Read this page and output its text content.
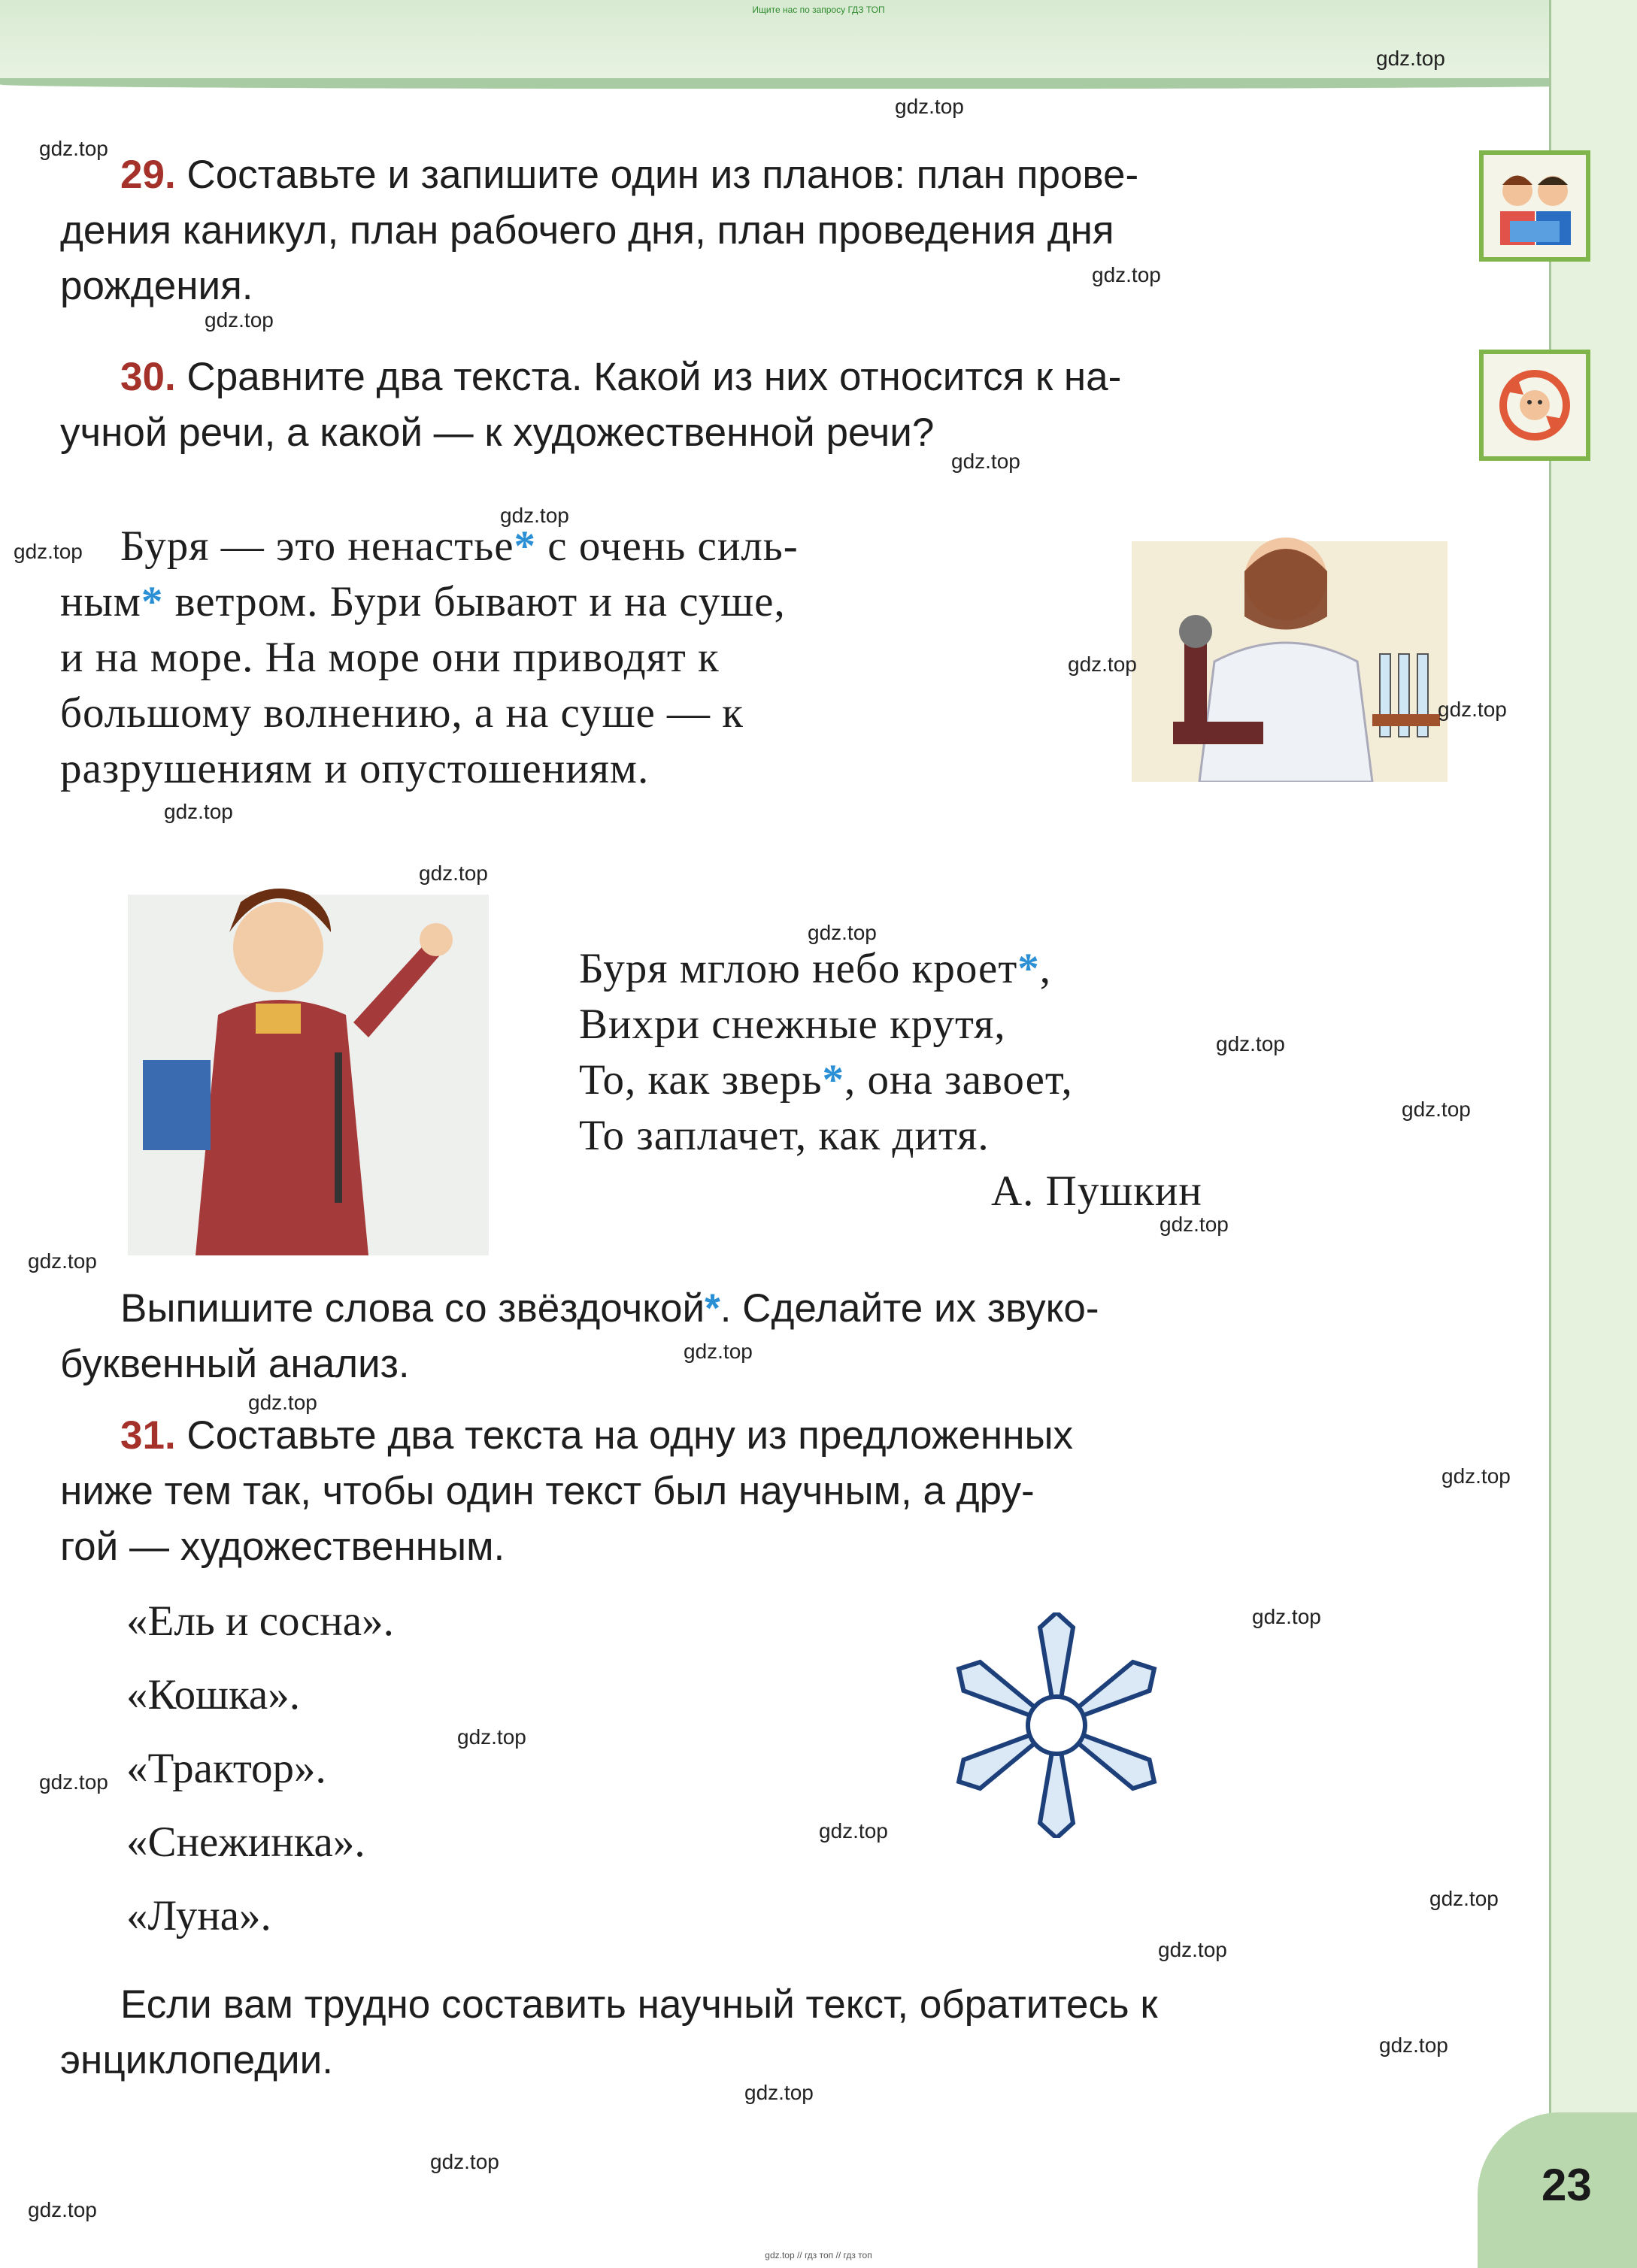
Ищите нас по запросу ГДЗ ТОП
29. Составьте и запишите один из планов: план прове-
дения каникул, план рабочего дня, план проведения дня
рождения.
30. Сравните два текста. Какой из них относится к на-
учной речи, а какой — к художественной речи?
Буря — это ненастье* с очень силь-
ным* ветром. Бури бывают и на суше,
и на море. На море они приводят к
большому волнению, а на суше — к
разрушениям и опустошениям.
Буря мглою небо кроет*,
Вихри снежные крутя,
То, как зверь*, она завоет,
То заплачет, как дитя.
А. Пушкин
Выпишите слова со звёздочкой*. Сделайте их звуко-
буквенный анализ.
31. Составьте два текста на одну из предложенных
ниже тем так, чтобы один текст был научным, а дру-
гой — художественным.
«Ель и сосна».
«Кошка».
«Трактор».
«Снежинка».
«Луна».
Если вам трудно составить научный текст, обратитесь к
энциклопедии.
23
gdz.top // гдз топ // гдз топ
gdz.top
gdz.top
gdz.top
gdz.top
gdz.top
gdz.top
gdz.top
gdz.top
gdz.top
gdz.top
gdz.top
gdz.top
gdz.top
gdz.top
gdz.top
gdz.top
gdz.top
gdz.top
gdz.top
gdz.top
gdz.top
gdz.top
gdz.top
gdz.top
gdz.top
gdz.top
gdz.top
gdz.top
gdz.top
gdz.top
